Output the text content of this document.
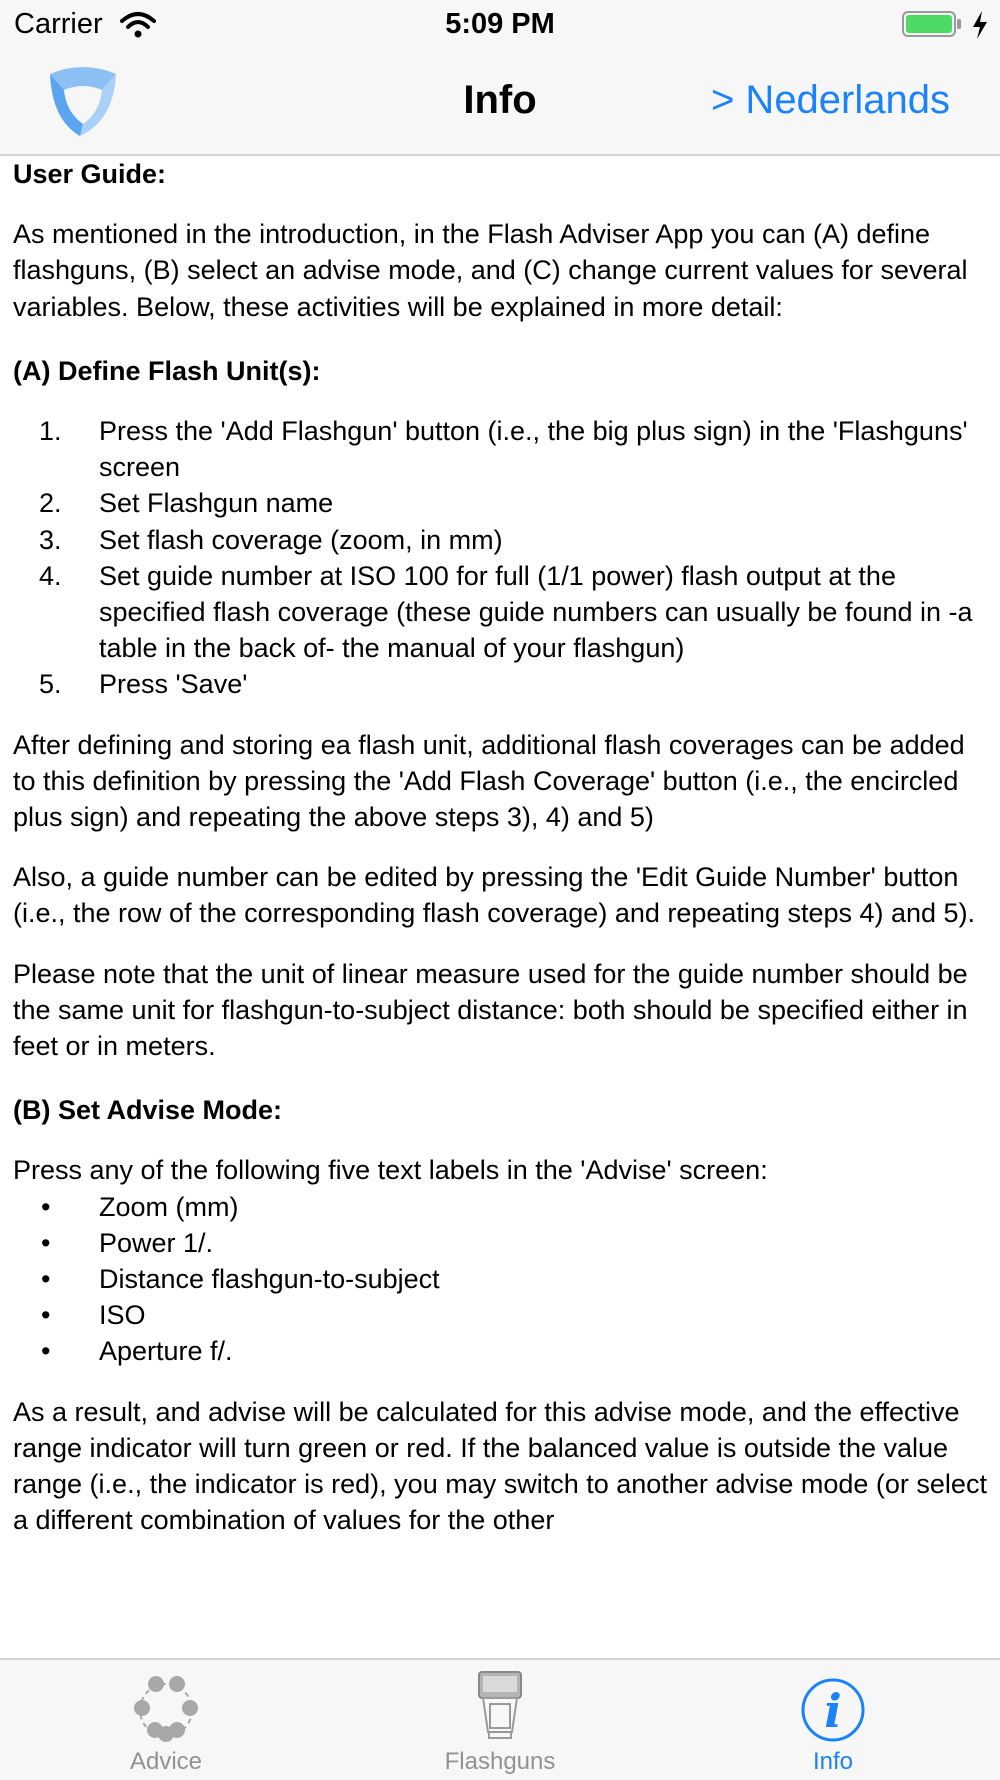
Carrier	5:09 PM
Info	> Nederlands

User Guide:

As mentioned in the introduction, in the Flash Adviser App you can (A) define flashguns, (B) select an advise mode, and (C) change current values for several variables. Below, these activities will be explained in more detail:

(A) Define Flash Unit(s):

1. Press the 'Add Flashgun' button (i.e., the big plus sign) in the 'Flashguns' screen
2. Set Flashgun name
3. Set flash coverage (zoom, in mm)
4. Set guide number at ISO 100 for full (1/1 power) flash output at the specified flash coverage (these guide numbers can usually be found in -a table in the back of- the manual of your flashgun)
5. Press 'Save'

After defining and storing ea flash unit, additional flash coverages can be added to this definition by pressing the 'Add Flash Coverage' button (i.e., the encircled plus sign) and repeating the above steps 3), 4) and 5)

Also, a guide number can be edited by pressing the 'Edit Guide Number' button (i.e., the row of the corresponding flash coverage) and repeating steps 4) and 5).

Please note that the unit of linear measure used for the guide number should be the same unit for flashgun-to-subject distance: both should be specified either in feet or in meters.

(B) Set Advise Mode:

Press any of the following five text labels in the 'Advise' screen:

• Zoom (mm)
• Power 1/.
• Distance flashgun-to-subject
• ISO
• Aperture f/.

As a result, and advise will be calculated for this advise mode, and the effective range indicator will turn green or red. If the balanced value is outside the value range (i.e., the indicator is red), you may switch to another advise mode (or select a different combination of values for the other

Advice	Flashguns
i
Info
